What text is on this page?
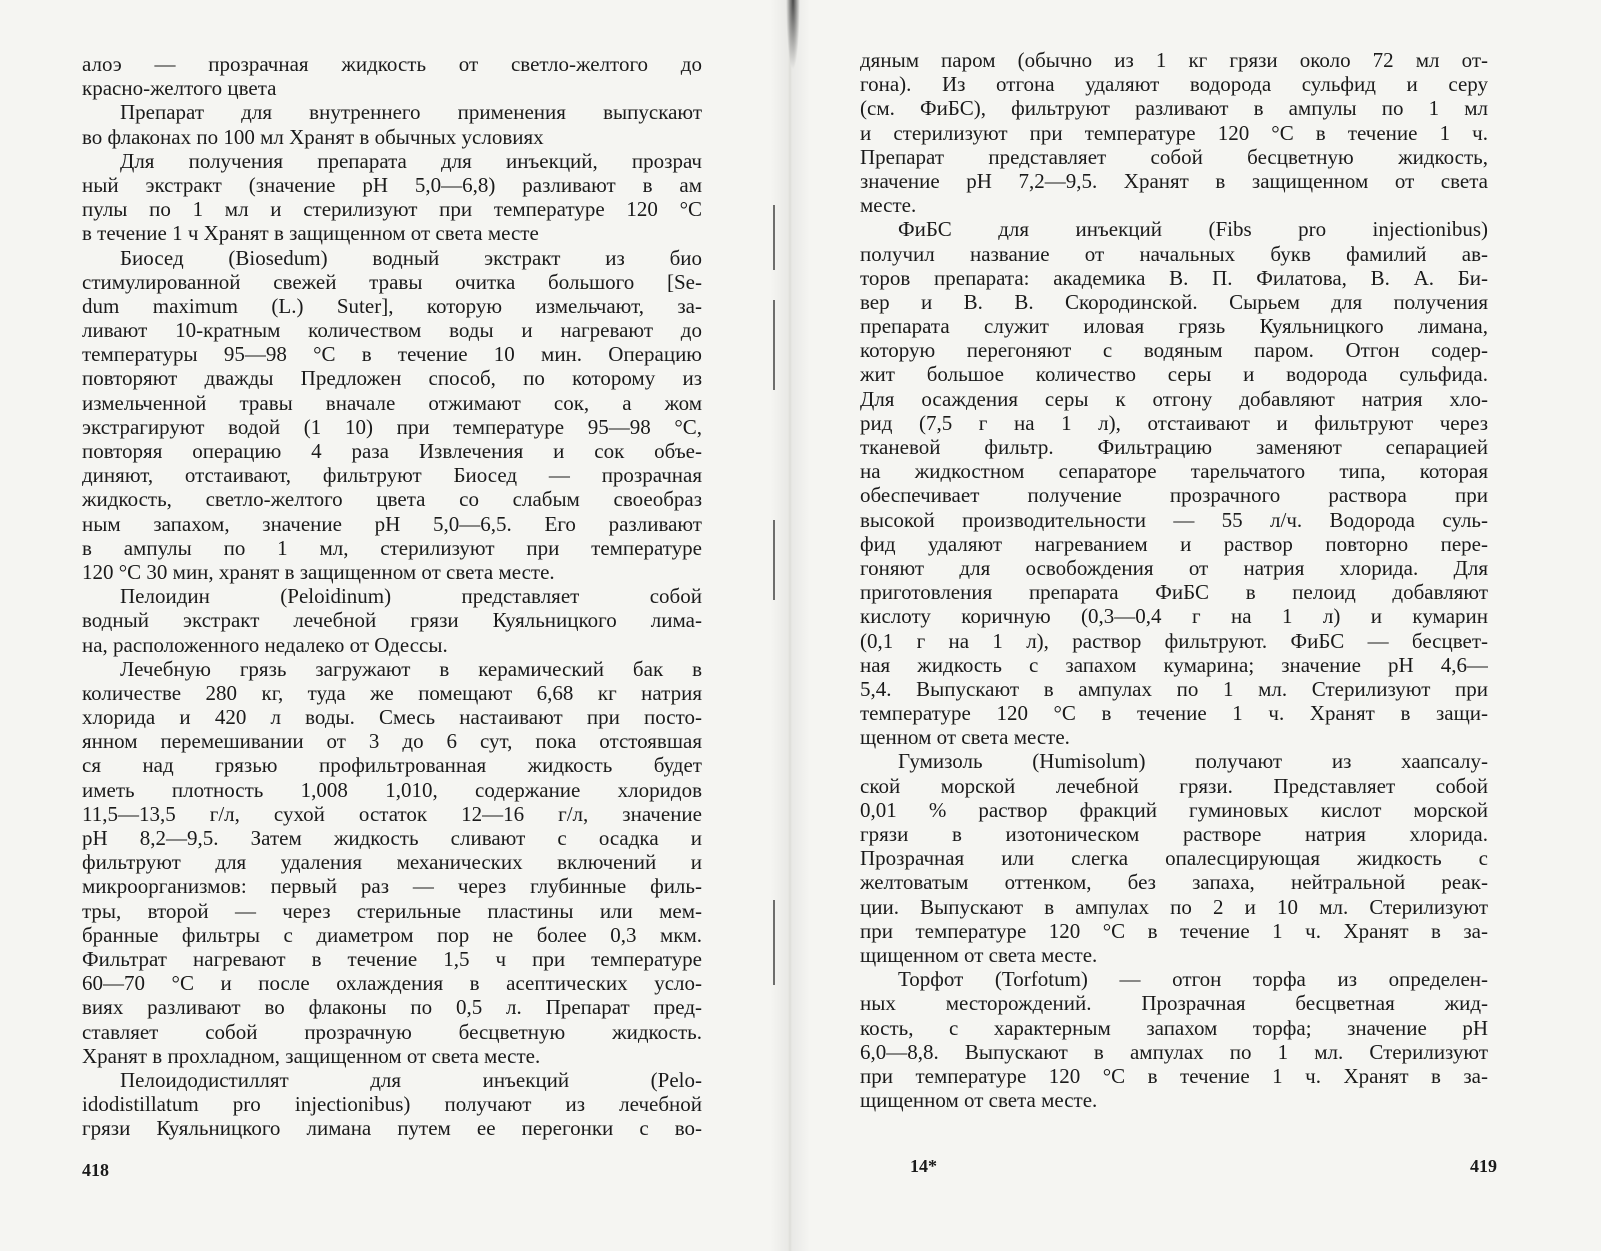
алоэ — прозрачная жидкость от светло-желтого до
красно-желтого цвета
Препарат для внутреннего применения выпускают
во флаконах по 100 мл Хранят в обычных условиях
Для получения препарата для инъекций, прозрач
ный экстракт (значение pH 5,0—6,8) разливают в ам
пулы по 1 мл и стерилизуют при температуре 120 °C
в течение 1 ч Хранят в защищенном от света месте
Биосед (Biosedum) водный экстракт из био
стимулированной свежей травы очитка большого [Se-
dum maximum (L.) Suter], которую измельчают, за-
ливают 10-кратным количеством воды и нагревают до
температуры 95—98 °C в течение 10 мин. Операцию
повторяют дважды Предложен способ, по которому из
измельченной травы вначале отжимают сок, а жом
экстрагируют водой (1 10) при температуре 95—98 °C,
повторяя операцию 4 раза Извлечения и сок объе-
диняют, отстаивают, фильтруют Биосед — прозрачная
жидкость, светло-желтого цвета со слабым своеобраз
ным запахом, значение pH 5,0—6,5. Его разливают
в ампулы по 1 мл, стерилизуют при температуре
120 °C 30 мин, хранят в защищенном от света месте.
Пелоидин (Peloidinum) представляет собой
водный экстракт лечебной грязи Куяльницкого лима-
на, расположенного недалеко от Одессы.
Лечебную грязь загружают в керамический бак в
количестве 280 кг, туда же помещают 6,68 кг натрия
хлорида и 420 л воды. Смесь настаивают при посто-
янном перемешивании от 3 до 6 сут, пока отстоявшая
ся над грязью профильтрованная жидкость будет
иметь плотность 1,008 1,010, содержание хлоридов
11,5—13,5 г/л, сухой остаток 12—16 г/л, значение
pH 8,2—9,5. Затем жидкость сливают с осадка и
фильтруют для удаления механических включений и
микроорганизмов: первый раз — через глубинные филь-
тры, второй — через стерильные пластины или мем-
бранные фильтры с диаметром пор не более 0,3 мкм.
Фильтрат нагревают в течение 1,5 ч при температуре
60—70 °C и после охлаждения в асептических усло-
виях разливают во флаконы по 0,5 л. Препарат пред-
ставляет собой прозрачную бесцветную жидкость.
Хранят в прохладном, защищенном от света месте.
Пелоидодистиллят для инъекций (Pelo-
idodistillatum pro injectionibus) получают из лечебной
грязи Куяльницкого лимана путем ее перегонки с во-
418
дяным паром (обычно из 1 кг грязи около 72 мл от-
гона). Из отгона удаляют водорода сульфид и серу
(см. ФиБС), фильтруют разливают в ампулы по 1 мл
и стерилизуют при температуре 120 °C в течение 1 ч.
Препарат представляет собой бесцветную жидкость,
значение pH 7,2—9,5. Хранят в защищенном от света
месте.
ФиБС для инъекций (Fibs pro injectionibus)
получил название от начальных букв фамилий ав-
торов препарата: академика В. П. Филатова, В. А. Би-
вер и В. В. Скородинской. Сырьем для получения
препарата служит иловая грязь Куяльницкого лимана,
которую перегоняют с водяным паром. Отгон содер-
жит большое количество серы и водорода сульфида.
Для осаждения серы к отгону добавляют натрия хло-
рид (7,5 г на 1 л), отстаивают и фильтруют через
тканевой фильтр. Фильтрацию заменяют сепарацией
на жидкостном сепараторе тарельчатого типа, которая
обеспечивает получение прозрачного раствора при
высокой производительности — 55 л/ч. Водорода суль-
фид удаляют нагреванием и раствор повторно пере-
гоняют для освобождения от натрия хлорида. Для
приготовления препарата ФиБС в пелоид добавляют
кислоту коричную (0,3—0,4 г на 1 л) и кумарин
(0,1 г на 1 л), раствор фильтруют. ФиБС — бесцвет-
ная жидкость с запахом кумарина; значение pH 4,6—
5,4. Выпускают в ампулах по 1 мл. Стерилизуют при
температуре 120 °C в течение 1 ч. Хранят в защи-
щенном от света месте.
Гумизоль (Humisolum) получают из хаапсалу-
ской морской лечебной грязи. Представляет собой
0,01 % раствор фракций гуминовых кислот морской
грязи в изотоническом растворе натрия хлорида.
Прозрачная или слегка опалесцирующая жидкость с
желтоватым оттенком, без запаха, нейтральной реак-
ции. Выпускают в ампулах по 2 и 10 мл. Стерилизуют
при температуре 120 °C в течение 1 ч. Хранят в за-
щищенном от света месте.
Торфот (Torfotum) — отгон торфа из определен-
ных месторождений. Прозрачная бесцветная жид-
кость, с характерным запахом торфа; значение pH
6,0—8,8. Выпускают в ампулах по 1 мл. Стерилизуют
при температуре 120 °C в течение 1 ч. Хранят в за-
щищенном от света месте.
14*	419
